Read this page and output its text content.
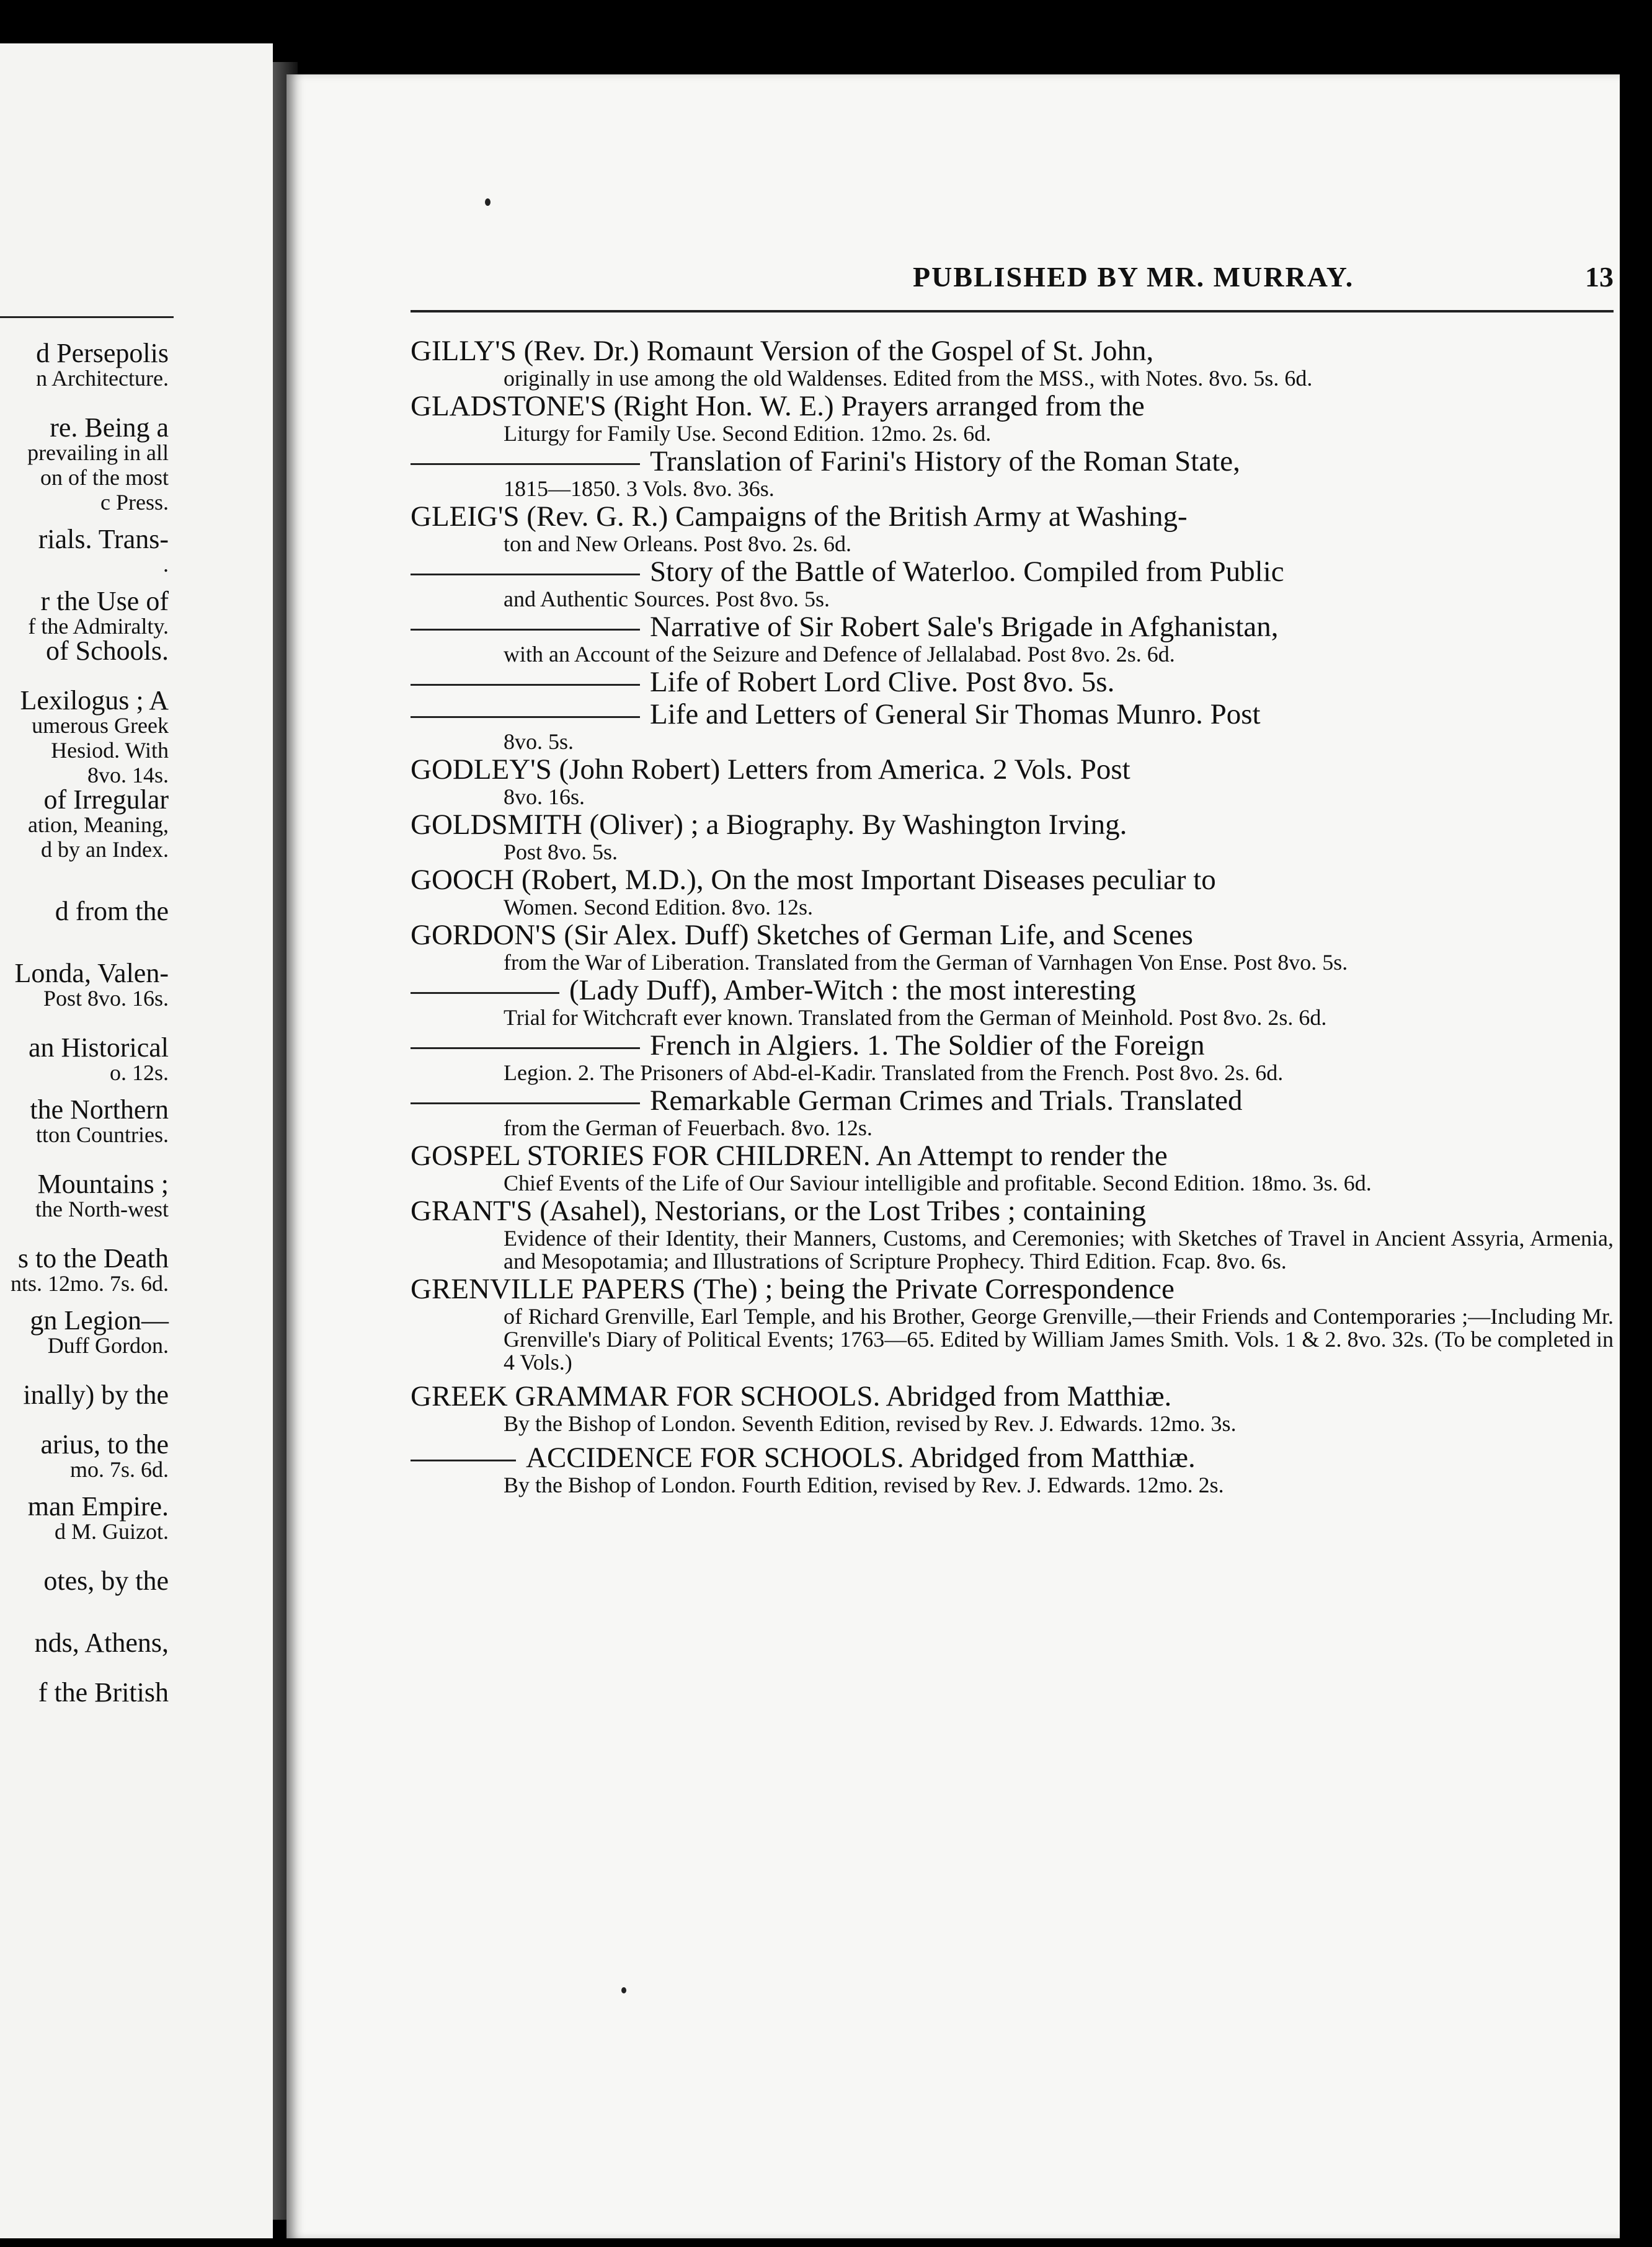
d Persepolis
n Architecture.
re. Being a
prevailing in all
on of the most
c Press.
rials. Trans-
.
r the Use of
f the Admiralty.
of Schools.
Lexilogus ; A
umerous Greek
Hesiod. With
8vo. 14s.
of Irregular
ation, Meaning,
d by an Index.
d from the
Londa, Valen-
Post 8vo. 16s.
an Historical
o. 12s.
the Northern
tton Countries.
Mountains ;
the North-west
s to the Death
nts. 12mo. 7s. 6d.
gn Legion—
Duff Gordon.
inally) by the
arius, to the
mo. 7s. 6d.
man Empire.
d M. Guizot.
otes, by the
nds, Athens,
f the British
PUBLISHED BY MR. MURRAY.	13
GILLY'S (Rev. Dr.) Romaunt Version of the Gospel of St. John,
originally in use among the old Waldenses. Edited from the MSS., with Notes. 8vo. 5s. 6d.
GLADSTONE'S (Right Hon. W. E.) Prayers arranged from the
Liturgy for Family Use. Second Edition. 12mo. 2s. 6d.
Translation of Farini's History of the Roman State,
1815—1850. 3 Vols. 8vo. 36s.
GLEIG'S (Rev. G. R.) Campaigns of the British Army at Washing-
ton and New Orleans. Post 8vo. 2s. 6d.
Story of the Battle of Waterloo. Compiled from Public
and Authentic Sources. Post 8vo. 5s.
Narrative of Sir Robert Sale's Brigade in Afghanistan,
with an Account of the Seizure and Defence of Jellalabad. Post 8vo. 2s. 6d.
Life of Robert Lord Clive. Post 8vo. 5s.
Life and Letters of General Sir Thomas Munro. Post
8vo. 5s.
GODLEY'S (John Robert) Letters from America. 2 Vols. Post
8vo. 16s.
GOLDSMITH (Oliver) ; a Biography. By Washington Irving.
Post 8vo. 5s.
GOOCH (Robert, M.D.), On the most Important Diseases peculiar to
Women. Second Edition. 8vo. 12s.
GORDON'S (Sir Alex. Duff) Sketches of German Life, and Scenes
from the War of Liberation. Translated from the German of Varnhagen Von Ense. Post 8vo. 5s.
(Lady Duff), Amber-Witch : the most interesting
Trial for Witchcraft ever known. Translated from the German of Meinhold. Post 8vo. 2s. 6d.
French in Algiers. 1. The Soldier of the Foreign
Legion. 2. The Prisoners of Abd-el-Kadir. Translated from the French. Post 8vo. 2s. 6d.
Remarkable German Crimes and Trials. Translated
from the German of Feuerbach. 8vo. 12s.
GOSPEL STORIES FOR CHILDREN. An Attempt to render the
Chief Events of the Life of Our Saviour intelligible and profitable. Second Edition. 18mo. 3s. 6d.
GRANT'S (Asahel), Nestorians, or the Lost Tribes ; containing
Evidence of their Identity, their Manners, Customs, and Ceremonies; with Sketches of Travel in Ancient Assyria, Armenia, and Mesopotamia; and Illustrations of Scripture Prophecy. Third Edition. Fcap. 8vo. 6s.
GRENVILLE PAPERS (The) ; being the Private Correspondence
of Richard Grenville, Earl Temple, and his Brother, George Grenville,—their Friends and Contemporaries ;—Including Mr. Grenville's Diary of Political Events; 1763—65. Edited by William James Smith. Vols. 1 & 2. 8vo. 32s. (To be completed in 4 Vols.)
GREEK GRAMMAR FOR SCHOOLS. Abridged from Matthiæ.
By the Bishop of London. Seventh Edition, revised by Rev. J. Edwards. 12mo. 3s.
ACCIDENCE FOR SCHOOLS. Abridged from Matthiæ.
By the Bishop of London. Fourth Edition, revised by Rev. J. Edwards. 12mo. 2s.
